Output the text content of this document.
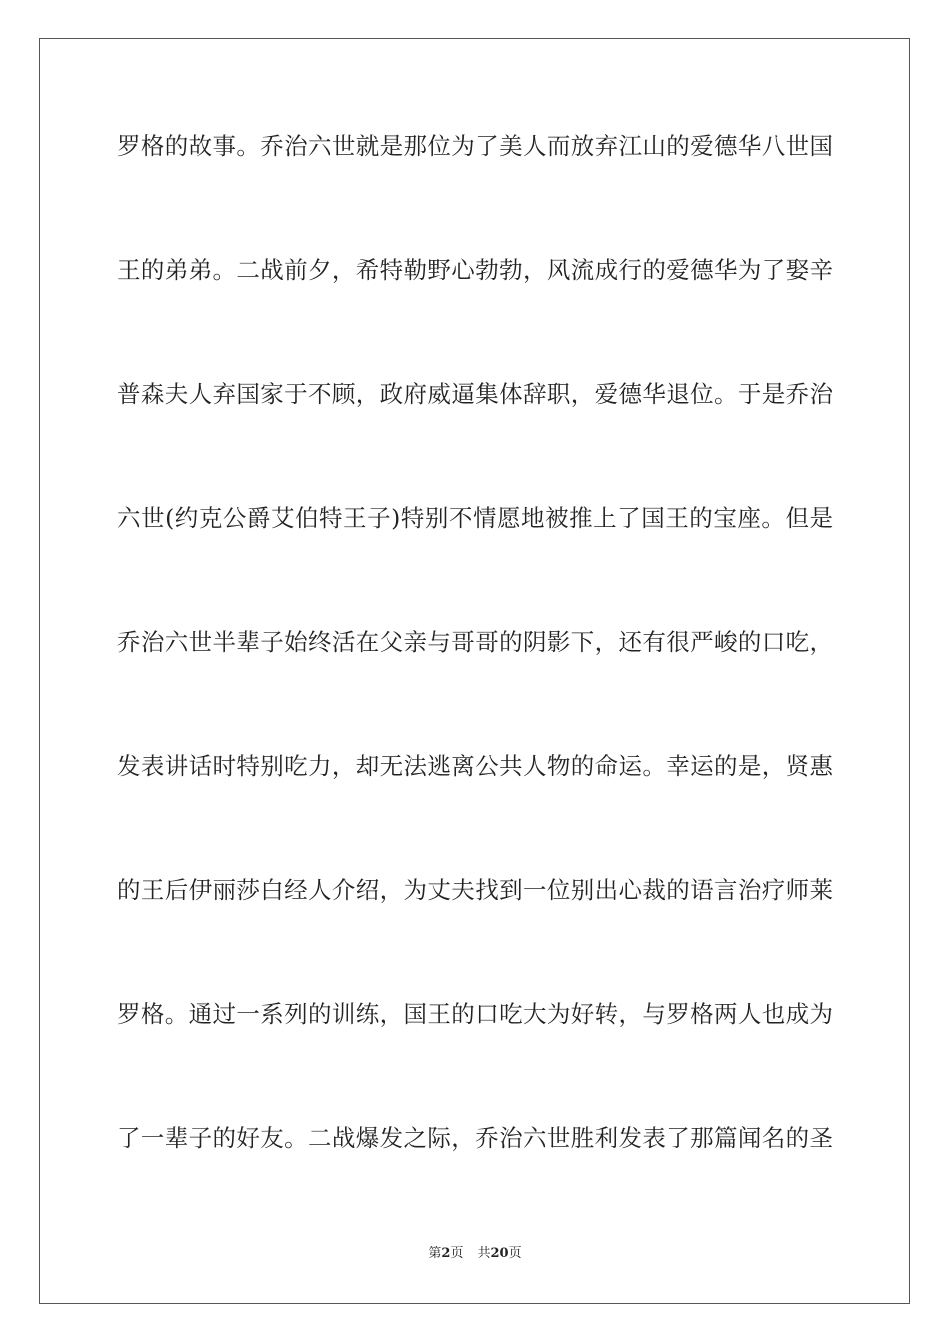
罗格的故事。乔治六世就是那位为了美人而放弃江山的爱德华八世国
王的弟弟。二战前夕，希特勒野心勃勃，风流成行的爱德华为了娶辛
普森夫人弃国家于不顾，政府威逼集体辞职，爱德华退位。于是乔治
六世(约克公爵艾伯特王子)特别不情愿地被推上了国王的宝座。但是
乔治六世半辈子始终活在父亲与哥哥的阴影下，还有很严峻的口吃，
发表讲话时特别吃力，却无法逃离公共人物的命运。幸运的是，贤惠
的王后伊丽莎白经人介绍，为丈夫找到一位别出心裁的语言治疗师莱
罗格。通过一系列的训练，国王的口吃大为好转，与罗格两人也成为
了一辈子的好友。二战爆发之际，乔治六世胜利发表了那篇闻名的圣
第2页 共20页
